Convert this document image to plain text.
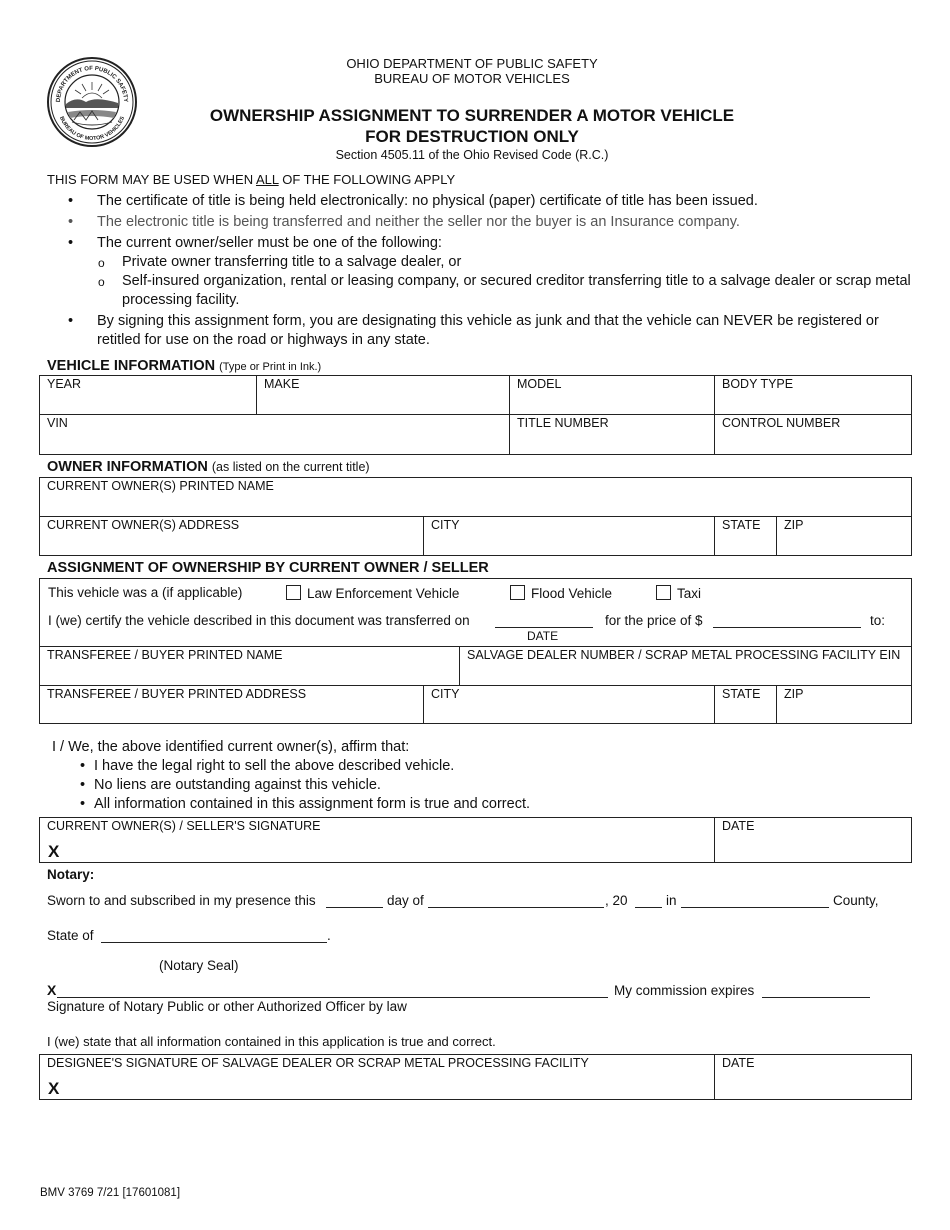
DEPARTMENT OF PUBLIC SAFETY
BUREAU OF MOTOR VEHICLES
OHIO DEPARTMENT OF PUBLIC SAFETY
BUREAU OF MOTOR VEHICLES
OWNERSHIP ASSIGNMENT TO SURRENDER A MOTOR VEHICLE
FOR DESTRUCTION ONLY
Section 4505.11 of the Ohio Revised Code (R.C.)
THIS FORM MAY BE USED WHEN ALL OF THE FOLLOWING APPLY
• The certificate of title is being held electronically: no physical (paper) certificate of title has been issued.
• The electronic title is being transferred and neither the seller nor the buyer is an Insurance company.
• The current owner/seller must be one of the following:
o Private owner transferring title to a salvage dealer, or
o Self-insured organization, rental or leasing company, or secured creditor transferring title to a salvage dealer or scrap metal processing facility.
• By signing this assignment form, you are designating this vehicle as junk and that the vehicle can NEVER be registered or retitled for use on the road or highways in any state.
VEHICLE INFORMATION (Type or Print in Ink.)
YEAR	MAKE	MODEL	BODY TYPE
VIN	TITLE NUMBER	CONTROL NUMBER
OWNER INFORMATION (as listed on the current title)
CURRENT OWNER(S) PRINTED NAME
CURRENT OWNER(S) ADDRESS	CITY	STATE	ZIP
ASSIGNMENT OF OWNERSHIP BY CURRENT OWNER / SELLER
This vehicle was a (if applicable)	Law Enforcement Vehicle	Flood Vehicle	Taxi
I (we) certify the vehicle described in this document was transferred on
DATE
for the price of $	to:
TRANSFEREE / BUYER PRINTED NAME	SALVAGE DEALER NUMBER / SCRAP METAL PROCESSING FACILITY EIN
TRANSFEREE / BUYER PRINTED ADDRESS	CITY	STATE	ZIP
I / We, the above identified current owner(s), affirm that:
• I have the legal right to sell the above described vehicle.
• No liens are outstanding against this vehicle.
• All information contained in this assignment form is true and correct.
CURRENT OWNER(S) / SELLER'S SIGNATURE
X
DATE
Notary:
Sworn to and subscribed in my presence this	day of	, 20	in	County,
State of	.
(Notary Seal)
X	My commission expires
Signature of Notary Public or other Authorized Officer by law
I (we) state that all information contained in this application is true and correct.
DESIGNEE'S SIGNATURE OF SALVAGE DEALER OR SCRAP METAL PROCESSING FACILITY
X
DATE
BMV 3769 7/21 [17601081]
